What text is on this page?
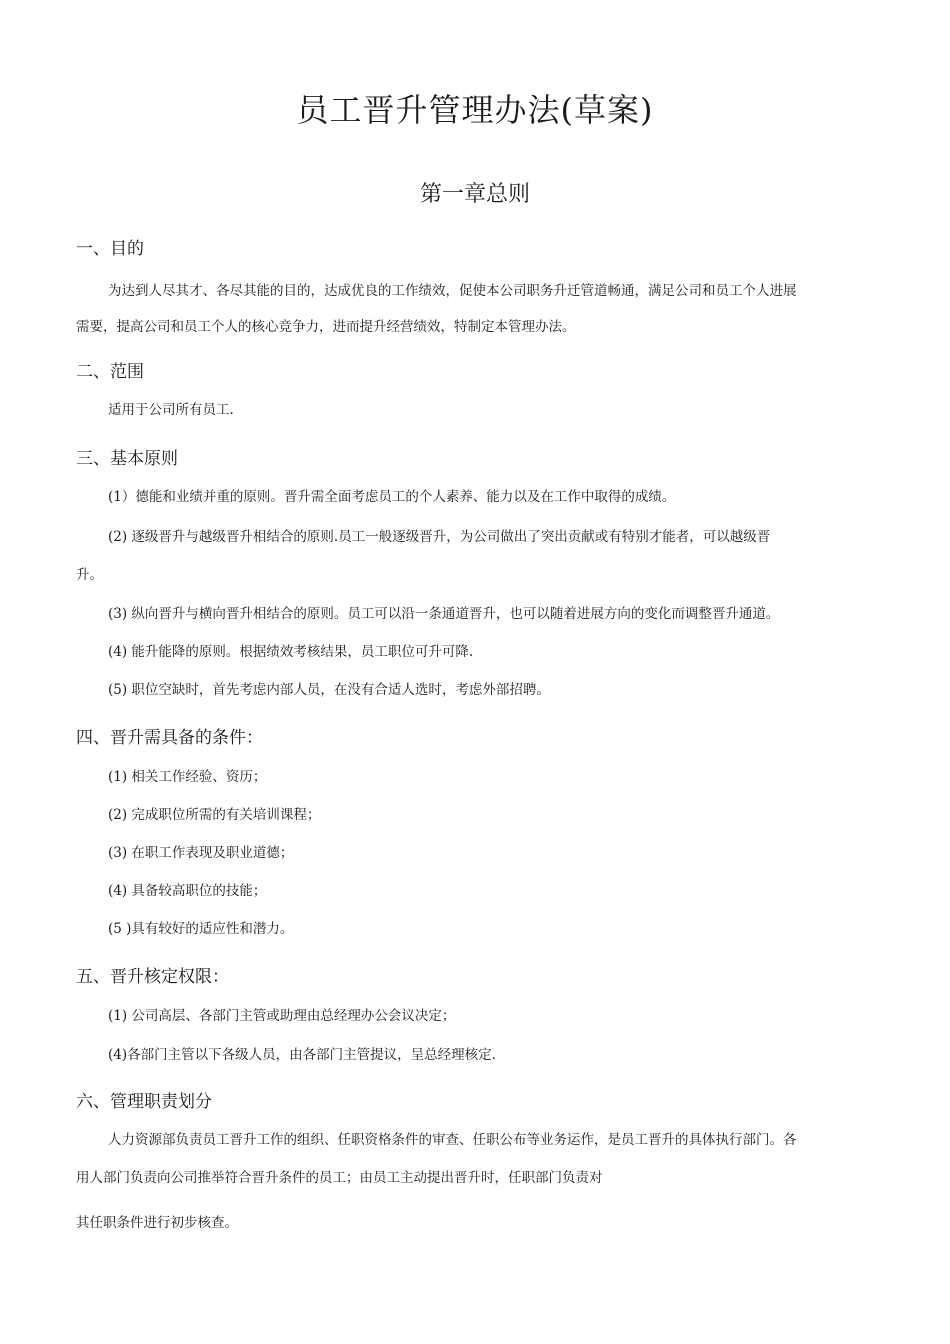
员工晋升管理办法(草案)
第一章总则
一、目的
为达到人尽其才、各尽其能的目的，达成优良的工作绩效，促使本公司职务升迁管道畅通，满足公司和员工个人进展
需要，提高公司和员工个人的核心竞争力，进而提升经营绩效，特制定本管理办法。
二、范围
适用于公司所有员工.
三、基本原则
(1）德能和业绩并重的原则。晋升需全面考虑员工的个人素养、能力以及在工作中取得的成绩。
(2) 逐级晋升与越级晋升相结合的原则.员工一般逐级晋升，为公司做出了突出贡献或有特别才能者，可以越级晋
升。
(3) 纵向晋升与横向晋升相结合的原则。员工可以沿一条通道晋升，也可以随着进展方向的变化而调整晋升通道。
(4) 能升能降的原则。根据绩效考核结果，员工职位可升可降.
(5) 职位空缺时，首先考虑内部人员，在没有合适人选时，考虑外部招聘。
四、晋升需具备的条件：
(1) 相关工作经验、资历；
(2) 完成职位所需的有关培训课程；
(3) 在职工作表现及职业道德；
(4) 具备较高职位的技能；
(5 )具有较好的适应性和潜力。
五、晋升核定权限：
(1) 公司高层、各部门主管或助理由总经理办公会议决定；
(4)各部门主管以下各级人员，由各部门主管提议，呈总经理核定.
六、管理职责划分
人力资源部负责员工晋升工作的组织、任职资格条件的审查、任职公布等业务运作，是员工晋升的具体执行部门。各
用人部门负责向公司推举符合晋升条件的员工；由员工主动提出晋升时，任职部门负责对
其任职条件进行初步核查。
